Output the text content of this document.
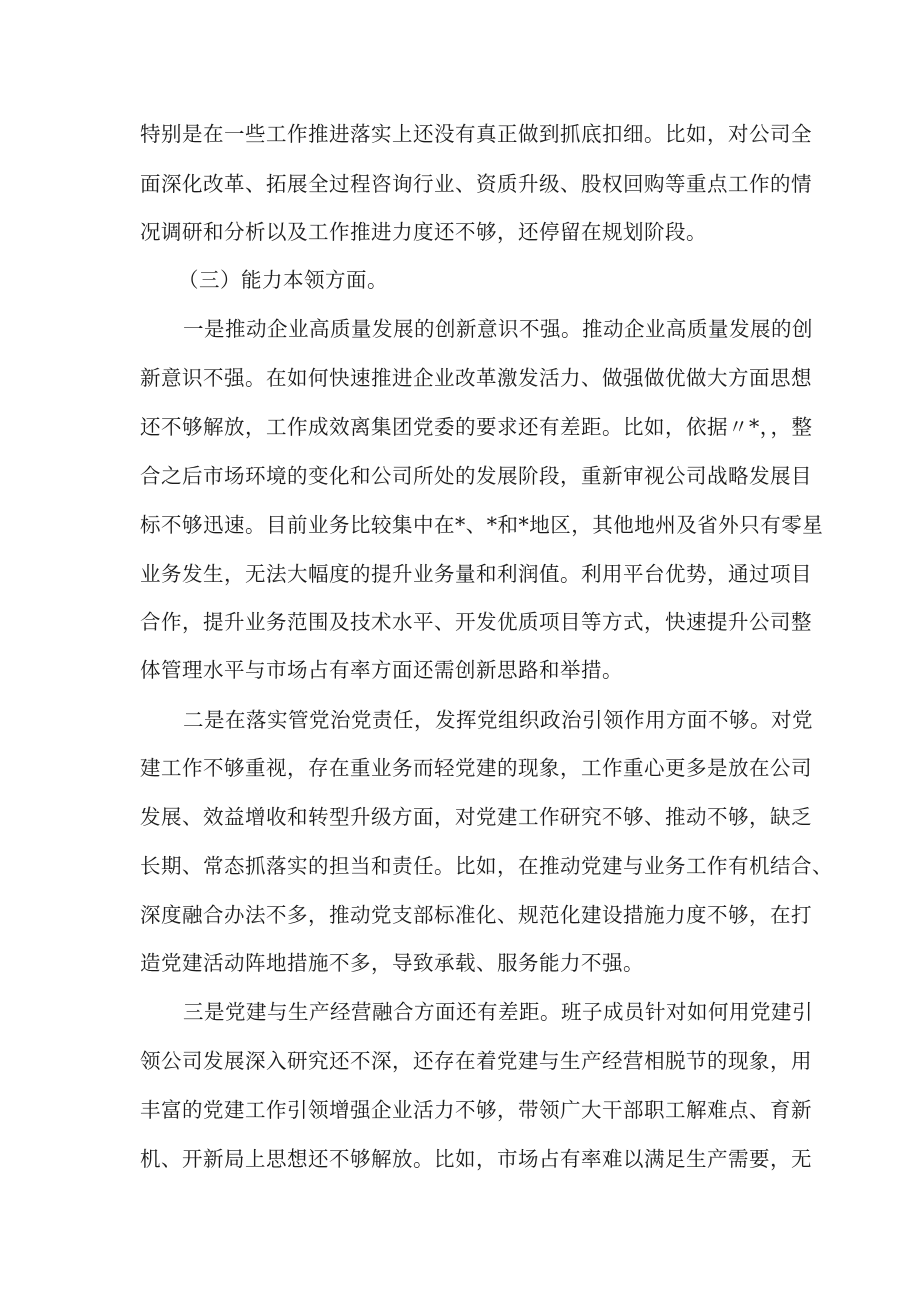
特别是在一些工作推进落实上还没有真正做到抓底扣细。比如，对公司全
面深化改革、拓展全过程咨询行业、资质升级、股权回购等重点工作的情
况调研和分析以及工作推进力度还不够，还停留在规划阶段。
（三）能力本领方面。
一是推动企业高质量发展的创新意识不强。推动企业高质量发展的创
新意识不强。在如何快速推进企业改革激发活力、做强做优做大方面思想
还不够解放，工作成效离集团党委的要求还有差距。比如，依据〃*，，整
合之后市场环境的变化和公司所处的发展阶段，重新审视公司战略发展目
标不够迅速。目前业务比较集中在*、*和*地区，其他地州及省外只有零星
业务发生，无法大幅度的提升业务量和利润值。利用平台优势，通过项目
合作，提升业务范围及技术水平、开发优质项目等方式，快速提升公司整
体管理水平与市场占有率方面还需创新思路和举措。
二是在落实管党治党责任，发挥党组织政治引领作用方面不够。对党
建工作不够重视，存在重业务而轻党建的现象，工作重心更多是放在公司
发展、效益增收和转型升级方面，对党建工作研究不够、推动不够，缺乏
长期、常态抓落实的担当和责任。比如，在推动党建与业务工作有机结合、
深度融合办法不多，推动党支部标准化、规范化建设措施力度不够，在打
造党建活动阵地措施不多，导致承载、服务能力不强。
三是党建与生产经营融合方面还有差距。班子成员针对如何用党建引
领公司发展深入研究还不深，还存在着党建与生产经营相脱节的现象，用
丰富的党建工作引领增强企业活力不够，带领广大干部职工解难点、育新
机、开新局上思想还不够解放。比如，市场占有率难以满足生产需要，无
